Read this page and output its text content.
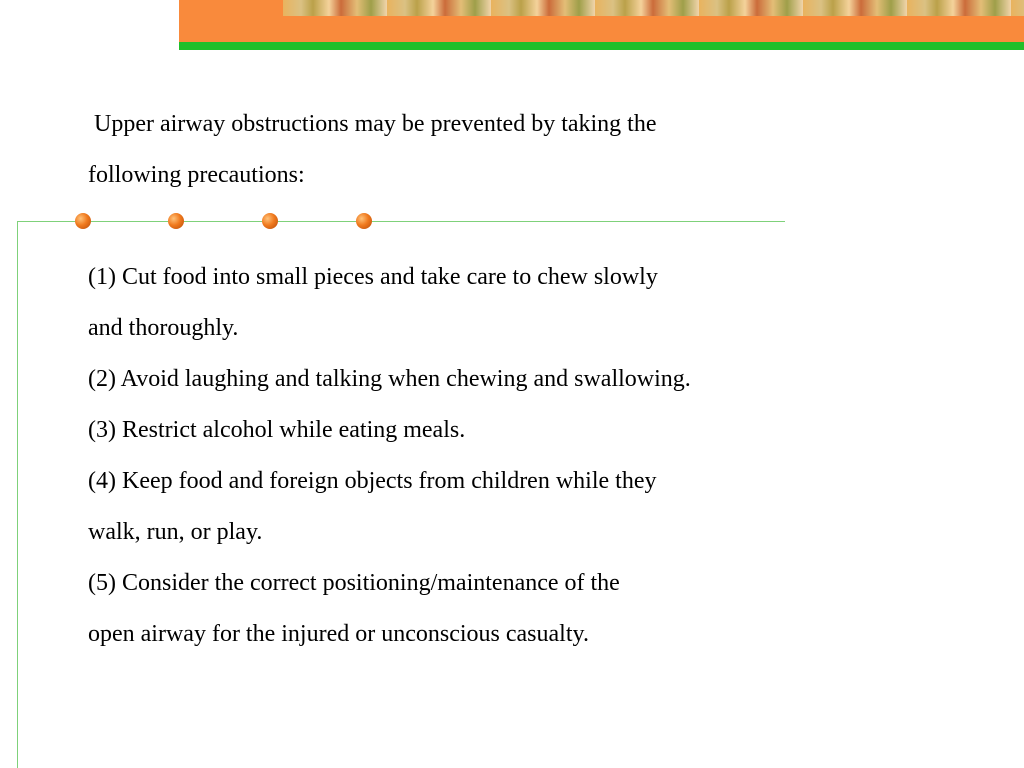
Upper airway obstructions may be prevented by taking the
following precautions:
(1) Cut food into small pieces and take care to chew slowly
and thoroughly.
(2) Avoid laughing and talking when chewing and swallowing.
(3) Restrict alcohol while eating meals.
(4) Keep food and foreign objects from children while they
walk, run, or play.
(5) Consider the correct positioning/maintenance of the
open airway for the injured or unconscious casualty.
